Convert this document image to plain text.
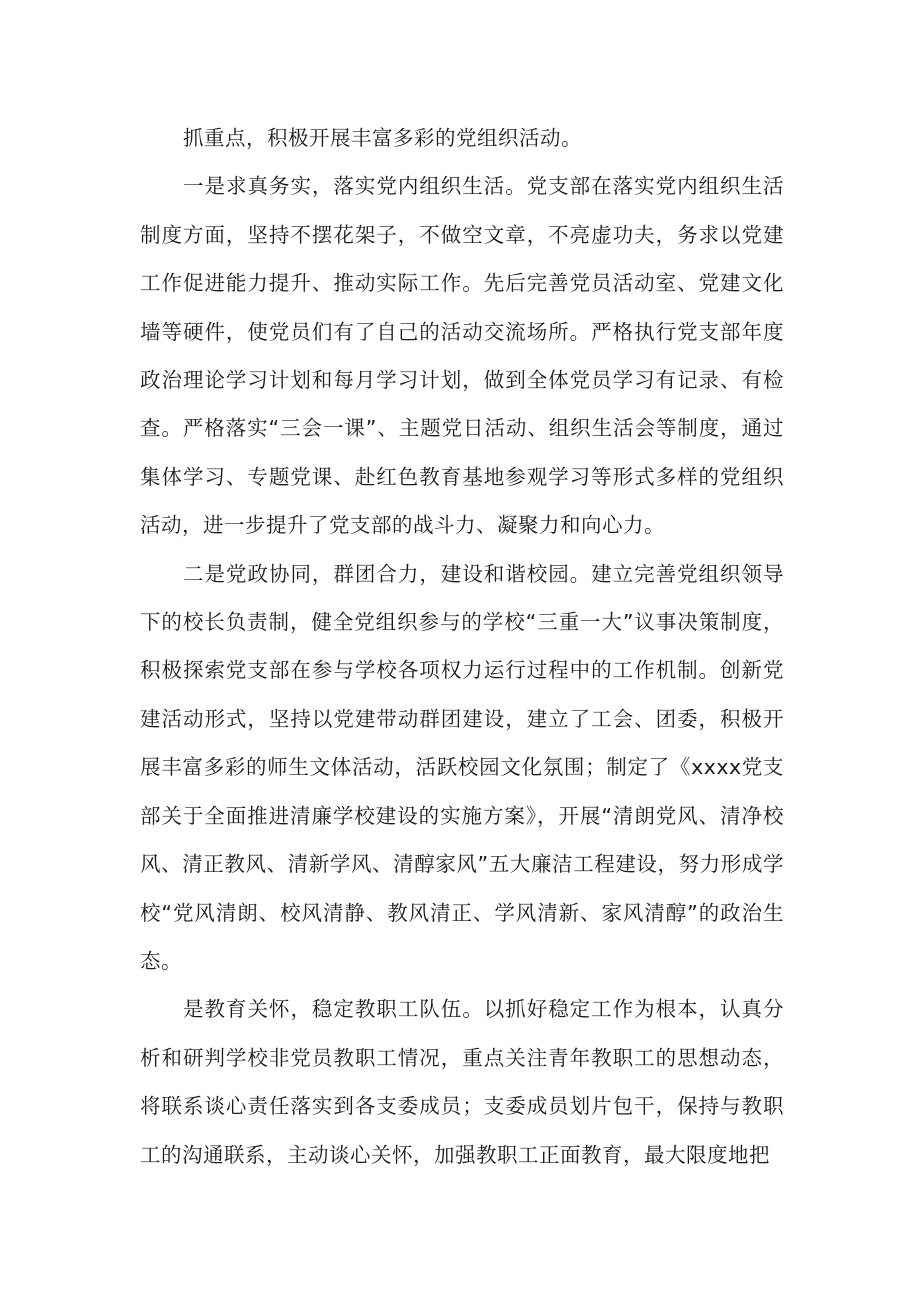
抓重点，积极开展丰富多彩的党组织活动。

一是求真务实，落实党内组织生活。党支部在落实党内组织生活制度方面，坚持不摆花架子，不做空文章，不亮虚功夫，务求以党建工作促进能力提升、推动实际工作。先后完善党员活动室、党建文化墙等硬件，使党员们有了自己的活动交流场所。严格执行党支部年度政治理论学习计划和每月学习计划，做到全体党员学习有记录、有检查。严格落实“三会一课”、主题党日活动、组织生活会等制度，通过集体学习、专题党课、赴红色教育基地参观学习等形式多样的党组织活动，进一步提升了党支部的战斗力、凝聚力和向心力。

二是党政协同，群团合力，建设和谐校园。建立完善党组织领导下的校长负责制，健全党组织参与的学校“三重一大”议事决策制度，积极探索党支部在参与学校各项权力运行过程中的工作机制。创新党建活动形式，坚持以党建带动群团建设，建立了工会、团委，积极开展丰富多彩的师生文体活动，活跃校园文化氛围；制定了《xxxx党支部关于全面推进清廉学校建设的实施方案》，开展“清朗党风、清净校风、清正教风、清新学风、清醇家风”五大廉洁工程建设，努力形成学校“党风清朗、校风清静、教风清正、学风清新、家风清醇”的政治生态。

是教育关怀，稳定教职工队伍。以抓好稳定工作为根本，认真分析和研判学校非党员教职工情况，重点关注青年教职工的思想动态，将联系谈心责任落实到各支委成员；支委成员划片包干，保持与教职工的沟通联系，主动谈心关怀，加强教职工正面教育，最大限度地把
